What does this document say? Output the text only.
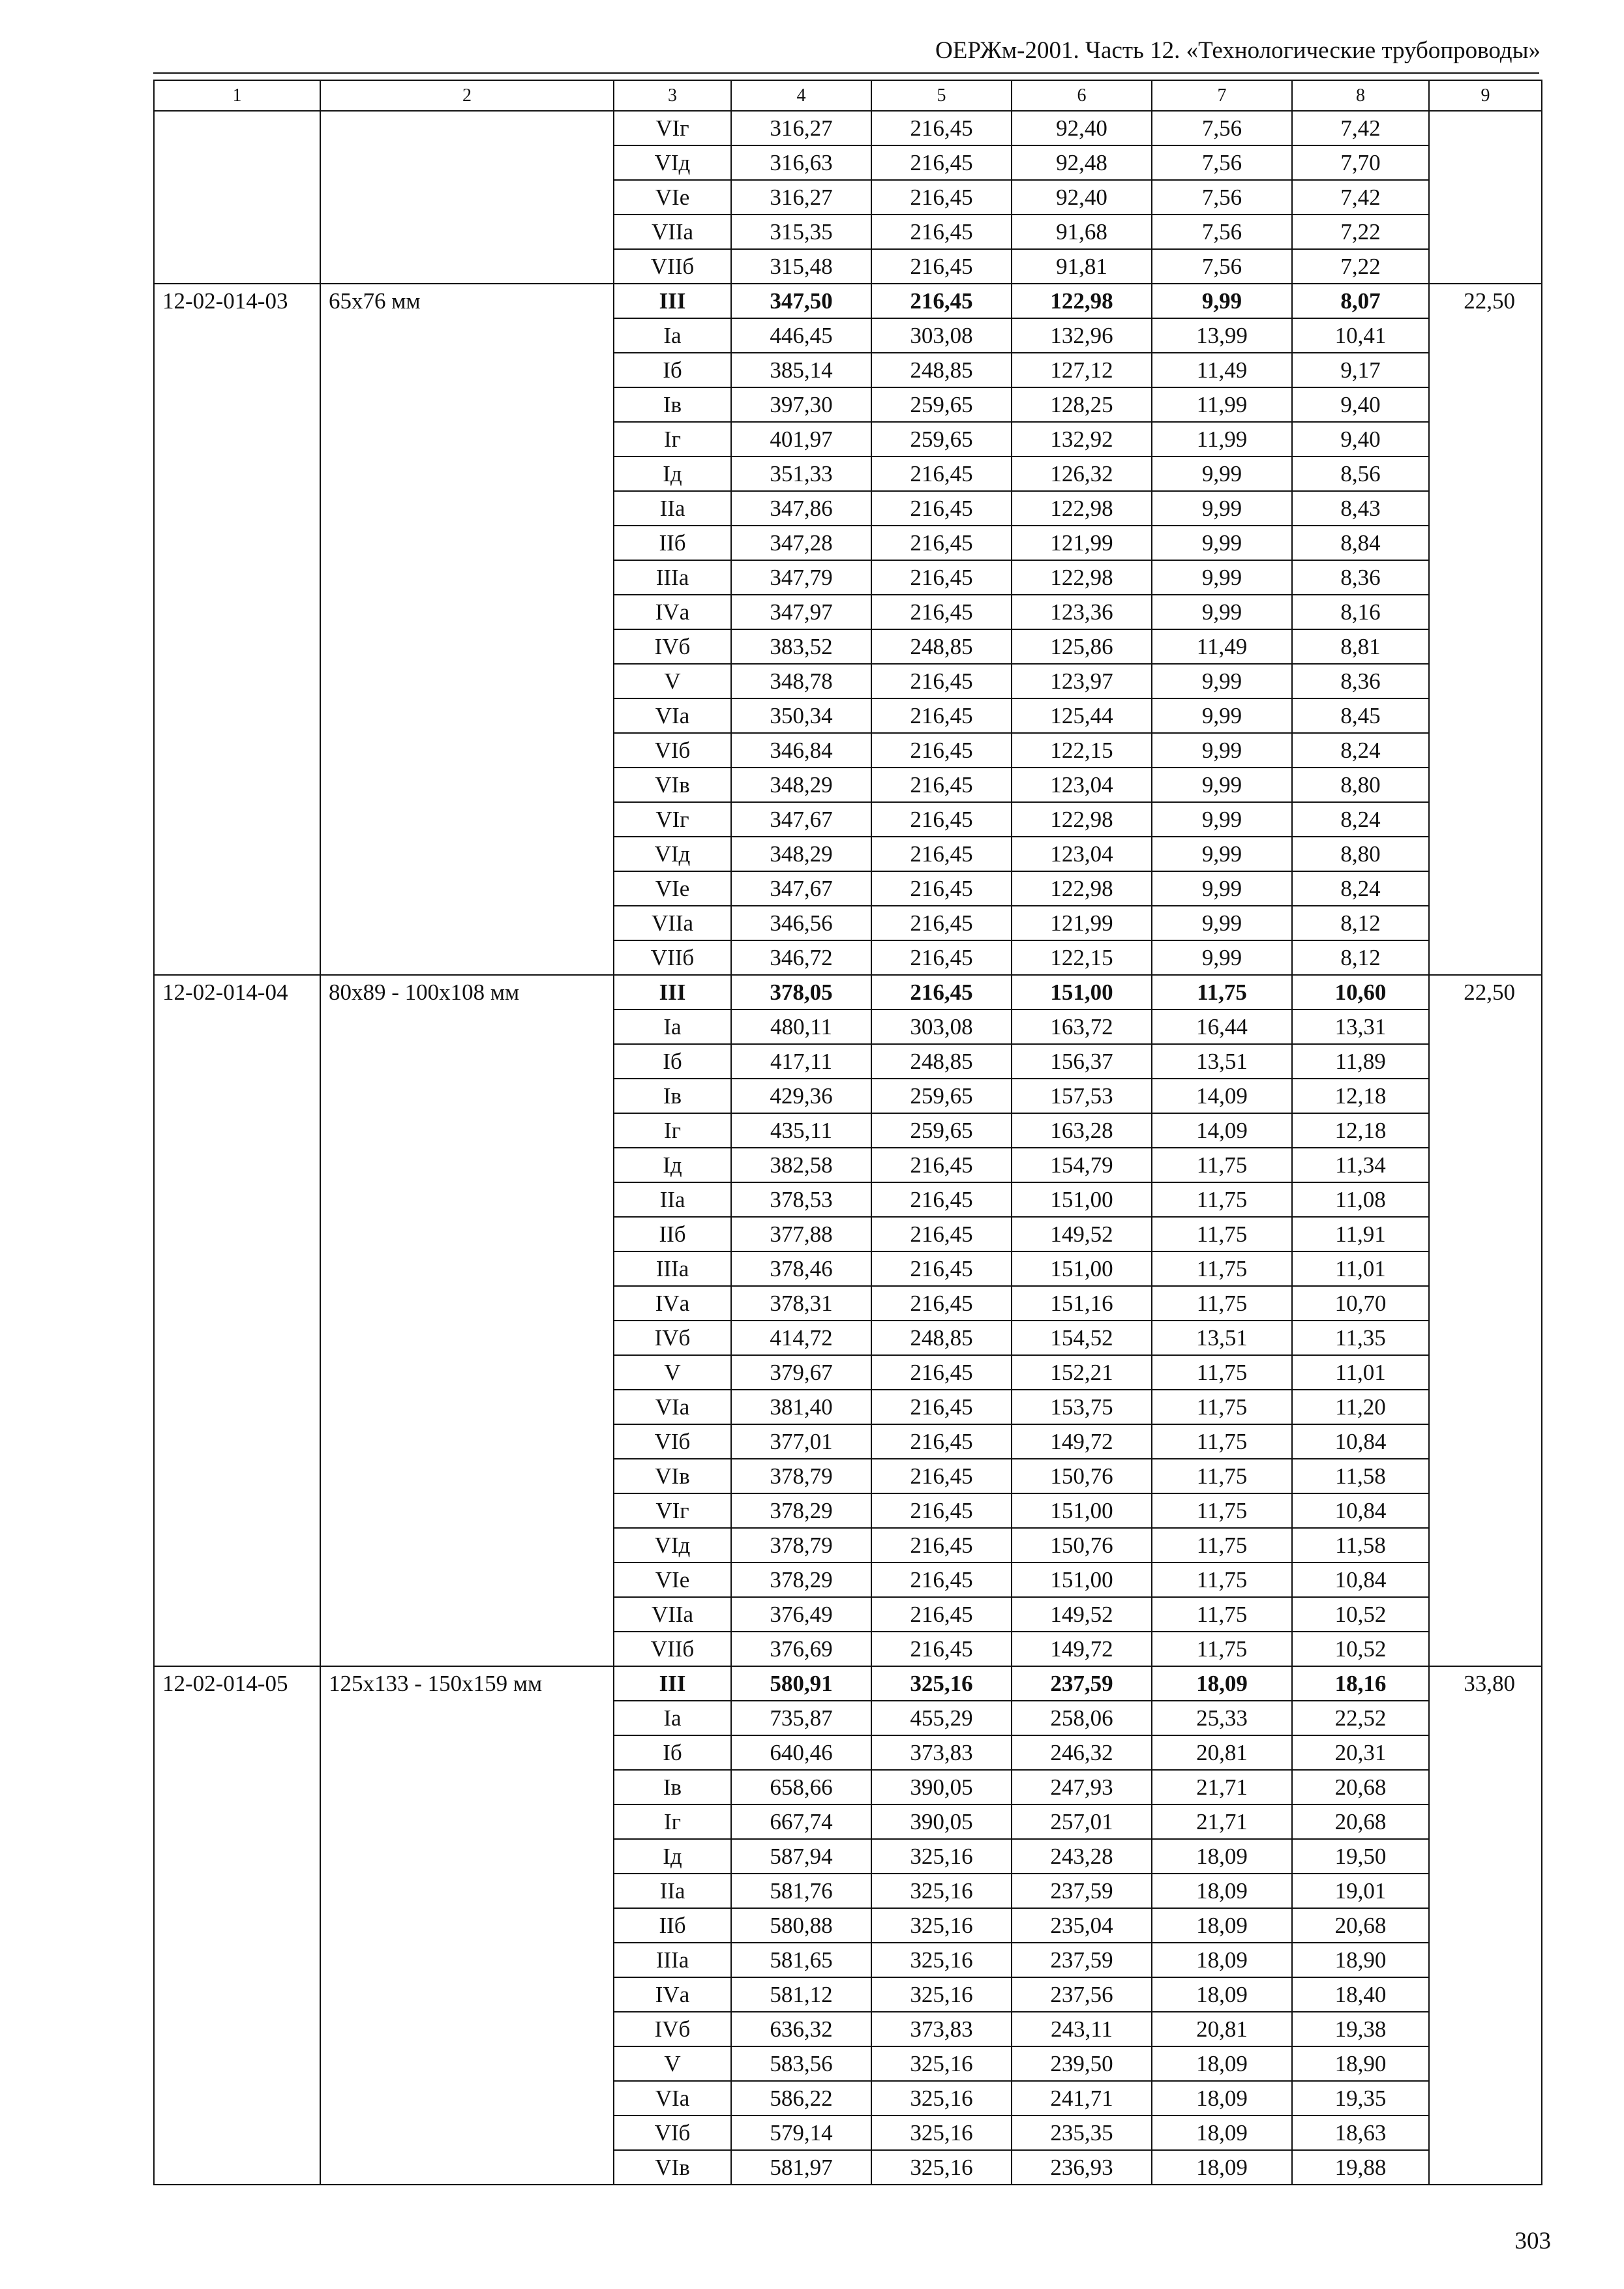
ОЕРЖм-2001. Часть 12. «Технологические трубопроводы»
1	2	3	4	5	6	7	8	9
		VIг	316,27	216,45	92,40	7,56	7,42	
		VIд	316,63	216,45	92,48	7,56	7,70	
		VIе	316,27	216,45	92,40	7,56	7,42	
		VIIа	315,35	216,45	91,68	7,56	7,22	
		VIIб	315,48	216,45	91,81	7,56	7,22	
12-02-014-03	65х76 мм	III	347,50	216,45	122,98	9,99	8,07	22,50
		Iа	446,45	303,08	132,96	13,99	10,41	
		Iб	385,14	248,85	127,12	11,49	9,17	
		Iв	397,30	259,65	128,25	11,99	9,40	
		Iг	401,97	259,65	132,92	11,99	9,40	
		Iд	351,33	216,45	126,32	9,99	8,56	
		IIа	347,86	216,45	122,98	9,99	8,43	
		IIб	347,28	216,45	121,99	9,99	8,84	
		IIIа	347,79	216,45	122,98	9,99	8,36	
		IVа	347,97	216,45	123,36	9,99	8,16	
		IVб	383,52	248,85	125,86	11,49	8,81	
		V	348,78	216,45	123,97	9,99	8,36	
		VIа	350,34	216,45	125,44	9,99	8,45	
		VIб	346,84	216,45	122,15	9,99	8,24	
		VIв	348,29	216,45	123,04	9,99	8,80	
		VIг	347,67	216,45	122,98	9,99	8,24	
		VIд	348,29	216,45	123,04	9,99	8,80	
		VIе	347,67	216,45	122,98	9,99	8,24	
		VIIа	346,56	216,45	121,99	9,99	8,12	
		VIIб	346,72	216,45	122,15	9,99	8,12	
12-02-014-04	80х89 - 100х108 мм	III	378,05	216,45	151,00	11,75	10,60	22,50
		Iа	480,11	303,08	163,72	16,44	13,31	
		Iб	417,11	248,85	156,37	13,51	11,89	
		Iв	429,36	259,65	157,53	14,09	12,18	
		Iг	435,11	259,65	163,28	14,09	12,18	
		Iд	382,58	216,45	154,79	11,75	11,34	
		IIа	378,53	216,45	151,00	11,75	11,08	
		IIб	377,88	216,45	149,52	11,75	11,91	
		IIIа	378,46	216,45	151,00	11,75	11,01	
		IVа	378,31	216,45	151,16	11,75	10,70	
		IVб	414,72	248,85	154,52	13,51	11,35	
		V	379,67	216,45	152,21	11,75	11,01	
		VIа	381,40	216,45	153,75	11,75	11,20	
		VIб	377,01	216,45	149,72	11,75	10,84	
		VIв	378,79	216,45	150,76	11,75	11,58	
		VIг	378,29	216,45	151,00	11,75	10,84	
		VIд	378,79	216,45	150,76	11,75	11,58	
		VIе	378,29	216,45	151,00	11,75	10,84	
		VIIа	376,49	216,45	149,52	11,75	10,52	
		VIIб	376,69	216,45	149,72	11,75	10,52	
12-02-014-05	125х133 - 150х159 мм	III	580,91	325,16	237,59	18,09	18,16	33,80
		Iа	735,87	455,29	258,06	25,33	22,52	
		Iб	640,46	373,83	246,32	20,81	20,31	
		Iв	658,66	390,05	247,93	21,71	20,68	
		Iг	667,74	390,05	257,01	21,71	20,68	
		Iд	587,94	325,16	243,28	18,09	19,50	
		IIа	581,76	325,16	237,59	18,09	19,01	
		IIб	580,88	325,16	235,04	18,09	20,68	
		IIIа	581,65	325,16	237,59	18,09	18,90	
		IVа	581,12	325,16	237,56	18,09	18,40	
		IVб	636,32	373,83	243,11	20,81	19,38	
		V	583,56	325,16	239,50	18,09	18,90	
		VIа	586,22	325,16	241,71	18,09	19,35	
		VIб	579,14	325,16	235,35	18,09	18,63	
		VIв	581,97	325,16	236,93	18,09	19,88	
303
